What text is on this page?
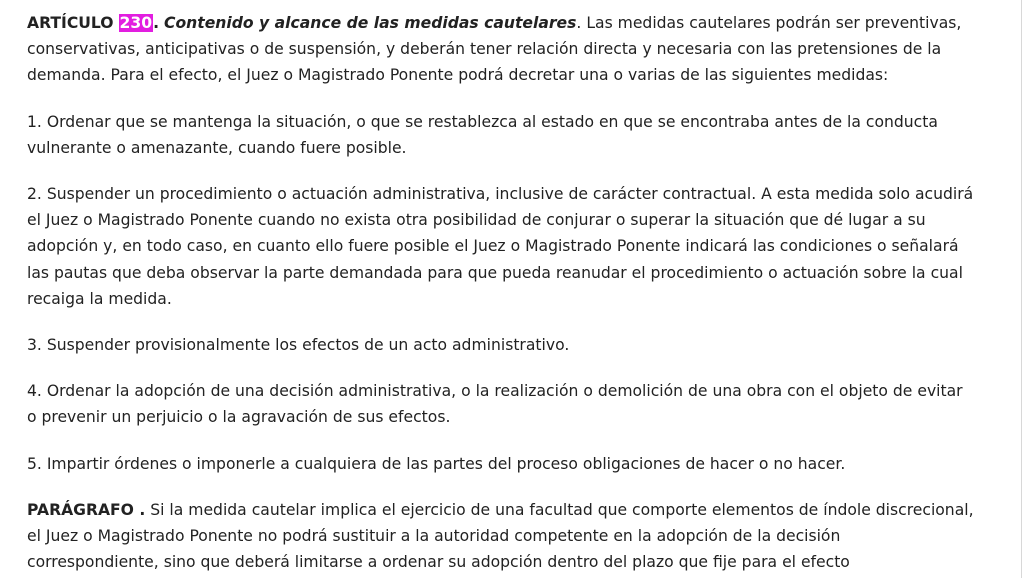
ARTÍCULO 230. Contenido y alcance de las medidas cautelares. Las medidas cautelares podrán ser preventivas, conservativas, anticipativas o de suspensión, y deberán tener relación directa y necesaria con las pretensiones de la demanda. Para el efecto, el Juez o Magistrado Ponente podrá decretar una o varias de las siguientes medidas:

1. Ordenar que se mantenga la situación, o que se restablezca al estado en que se encontraba antes de la conducta vulnerante o amenazante, cuando fuere posible.

2. Suspender un procedimiento o actuación administrativa, inclusive de carácter contractual. A esta medida solo acudirá el Juez o Magistrado Ponente cuando no exista otra posibilidad de conjurar o superar la situación que dé lugar a su adopción y, en todo caso, en cuanto ello fuere posible el Juez o Magistrado Ponente indicará las condiciones o señalará las pautas que deba observar la parte demandada para que pueda reanudar el procedimiento o actuación sobre la cual recaiga la medida.

3. Suspender provisionalmente los efectos de un acto administrativo.

4. Ordenar la adopción de una decisión administrativa, o la realización o demolición de una obra con el objeto de evitar o prevenir un perjuicio o la agravación de sus efectos.

5. Impartir órdenes o imponerle a cualquiera de las partes del proceso obligaciones de hacer o no hacer.

PARÁGRAFO . Si la medida cautelar implica el ejercicio de una facultad que comporte elementos de índole discrecional, el Juez o Magistrado Ponente no podrá sustituir a la autoridad competente en la adopción de la decisión correspondiente, sino que deberá limitarse a ordenar su adopción dentro del plazo que fije para el efecto
